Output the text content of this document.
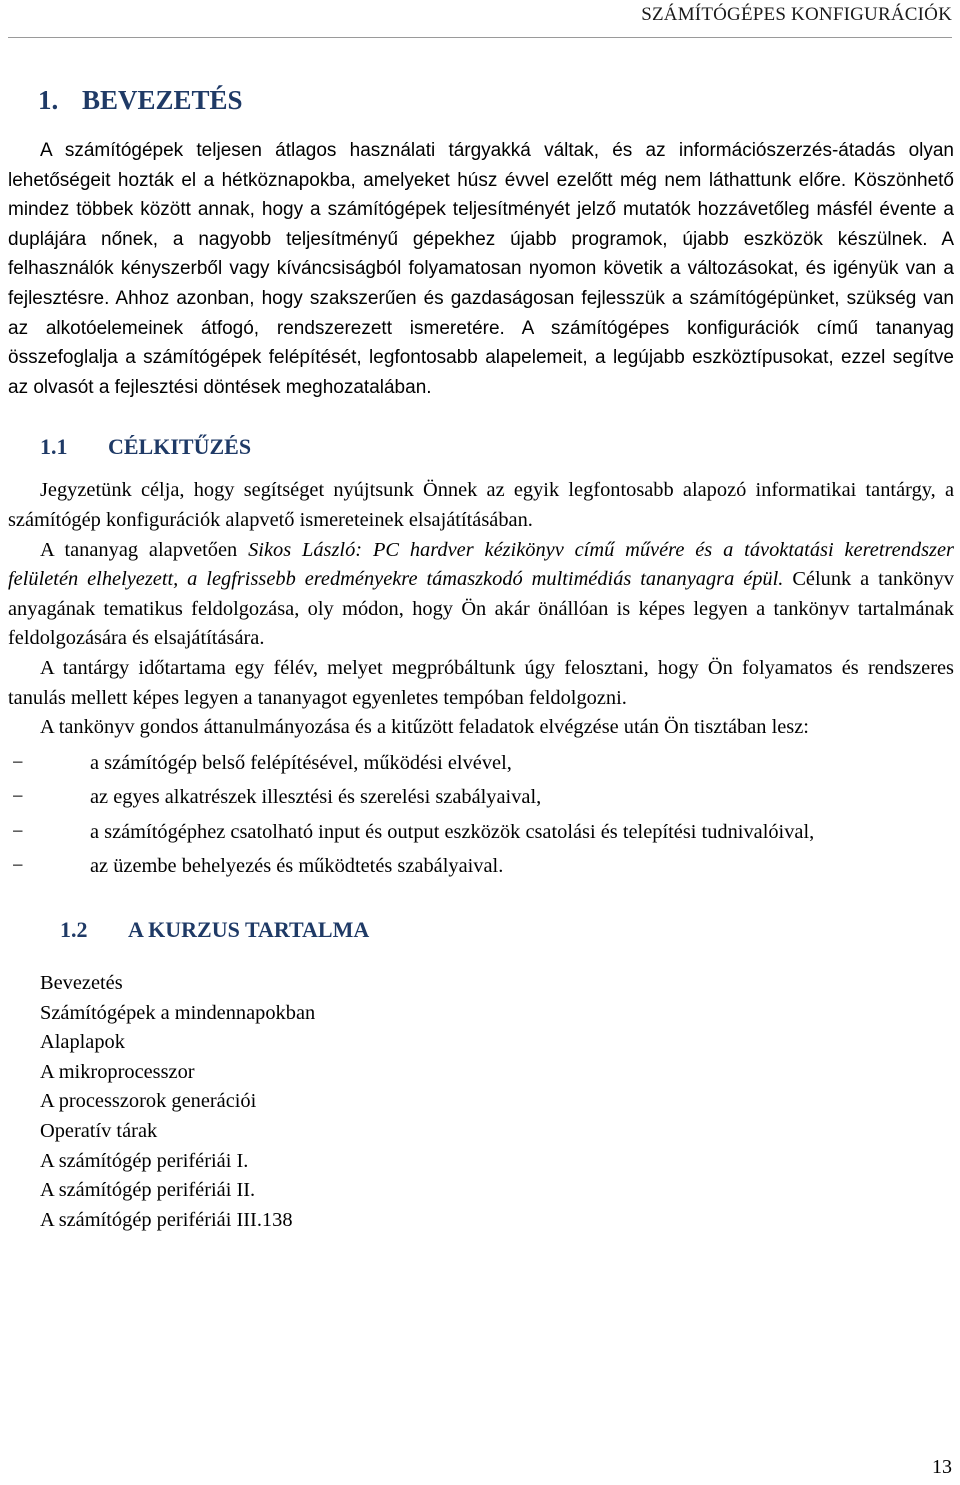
SZÁMÍTÓGÉPES KONFIGURÁCIÓK
1. BEVEZETÉS

A számítógépek teljesen átlagos használati tárgyakká váltak, és az információszerzés-átadás olyan lehetőségeit hozták el a hétköznapokba, amelyeket húsz évvel ezelőtt még nem láthattunk előre. Köszönhető mindez többek között annak, hogy a számítógépek teljesítményét jelző mutatók hozzávetőleg másfél évente a duplájára nőnek, a nagyobb teljesítményű gépekhez újabb programok, újabb eszközök készülnek. A felhasználók kényszerből vagy kíváncsiságból folyamatosan nyomon követik a változásokat, és igényük van a fejlesztésre. Ahhoz azonban, hogy szakszerűen és gazdaságosan fejlesszük a számítógépünket, szükség van az alkotóelemeinek átfogó, rendszerezett ismeretére. A számítógépes konfigurációk című tananyag összefoglalja a számítógépek felépítését, legfontosabb alapelemeit, a legújabb eszköztípusokat, ezzel segítve az olvasót a fejlesztési döntések meghozatalában.

1.1 CÉLKITŰZÉS

Jegyzetünk célja, hogy segítséget nyújtsunk Önnek az egyik legfontosabb alapozó informatikai tantárgy, a számítógép konfigurációk alapvető ismereteinek elsajátításában.

A tananyag alapvetően Sikos László: PC hardver kézikönyv című művére és a távoktatási keretrendszer felületén elhelyezett, a legfrissebb eredményekre támaszkodó multimédiás tananyagra épül. Célunk a tankönyv anyagának tematikus feldolgozása, oly módon, hogy Ön akár önállóan is képes legyen a tankönyv tartalmának feldolgozására és elsajátítására.

A tantárgy időtartama egy félév, melyet megpróbáltunk úgy felosztani, hogy Ön folyamatos és rendszeres tanulás mellett képes legyen a tananyagot egyenletes tempóban feldolgozni.

A tankönyv gondos áttanulmányozása és a kitűzött feladatok elvégzése után Ön tisztában lesz:

−	a számítógép belső felépítésével, működési elvével,
−	az egyes alkatrészek illesztési és szerelési szabályaival,
−	a számítógéphez csatolható input és output eszközök csatolási és telepítési tudnivalóival,
−	az üzembe behelyezés és működtetés szabályaival.
1.2 A KURZUS TARTALMA
Bevezetés
Számítógépek a mindennapokban
Alaplapok
A mikroprocesszor
A processzorok generációi
Operatív tárak
A számítógép perifériái I.
A számítógép perifériái II.
A számítógép perifériái III.138
13
